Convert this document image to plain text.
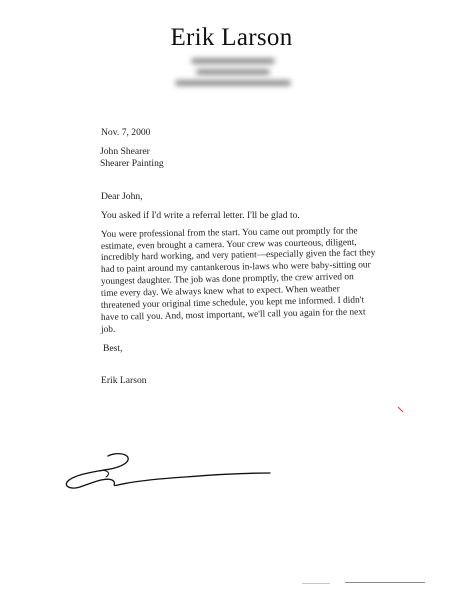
Erik Larson
Nov. 7, 2000
John Shearer
Shearer Painting
Dear John,
You asked if I'd write a referral letter. I'll be glad to.
You were professional from the start. You came out promptly for the
estimate, even brought a camera. Your crew was courteous, diligent,
incredibly hard working, and very patient—especially given the fact they
had to paint around my cantankerous in-laws who were baby-sitting our
youngest daughter. The job was done promptly, the crew arrived on
time every day. We always knew what to expect. When weather
threatened your original time schedule, you kept me informed. I didn't
have to call you. And, most important, we'll call you again for the next
job.
Best,
Erik Larson
